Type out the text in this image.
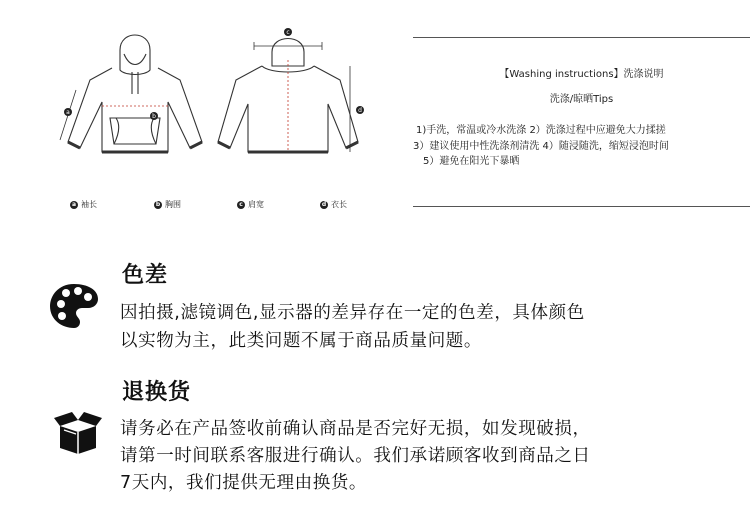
a
b
c
d
a 袖长	b 胸围	c 肩宽	d 衣长
【Washing instructions】洗涤说明
洗涤/晾晒Tips
1)手洗，常温或冷水洗涤 2）洗涤过程中应避免大力揉搓
3）建议使用中性洗涤剂清洗 4）随浸随洗，缩短浸泡时间
5）避免在阳光下暴晒
色差
因拍摄,滤镜调色,显示器的差异存在一定的色差，具体颜色
以实物为主，此类问题不属于商品质量问题。
退换货
请务必在产品签收前确认商品是否完好无损，如发现破损，
请第一时间联系客服进行确认。我们承诺顾客收到商品之日
7天内，我们提供无理由换货。
